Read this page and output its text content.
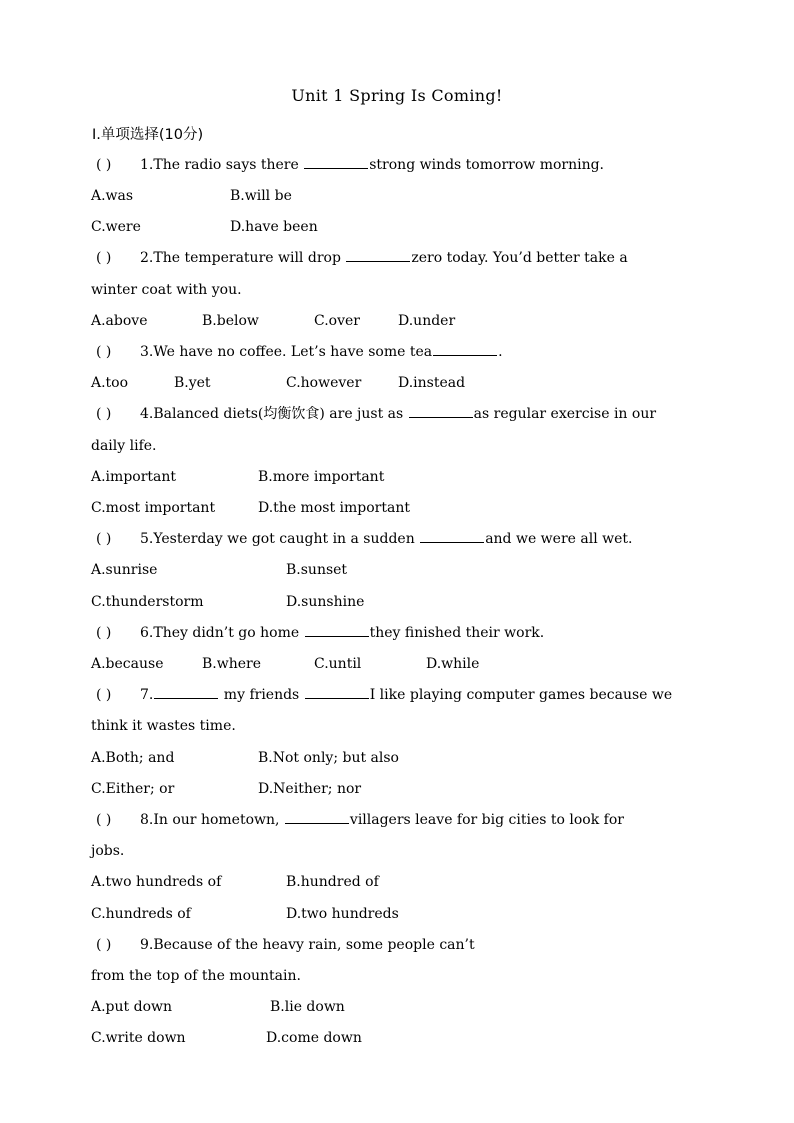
Unit 1 Spring Is Coming!
Ⅰ.单项选择(10分)
( ) 1.The radio says there	strong winds tomorrow morning.
A.was	B.will be
C.were	D.have been
( ) 2.The temperature will drop	zero today. You’d better take a
winter coat with you.
A.above	B.below	C.over	D.under
( ) 3.We have no coffee. Let’s have some tea	.
A.too	B.yet	C.however	D.instead
( ) 4.Balanced diets(均衡饮食) are just as	as regular exercise in our
daily life.
A.important	B.more important
C.most important	D.the most important
( ) 5.Yesterday we got caught in a sudden	and we were all wet.
A.sunrise	B.sunset
C.thunderstorm	D.sunshine
( ) 6.They didn’t go home	they finished their work.
A.because	B.where	C.until	D.while
( ) 7.	my friends	I like playing computer games because we
think it wastes time.
A.Both; and	B.Not only; but also
C.Either; or	D.Neither; nor
( ) 8.In our hometown,	villagers leave for big cities to look for
jobs.
A.two hundreds of	B.hundred of
C.hundreds of	D.two hundreds
( ) 9.Because of the heavy rain, some people can’t
from the top of the mountain.
A.put down	B.lie down
C.write down	D.come down
